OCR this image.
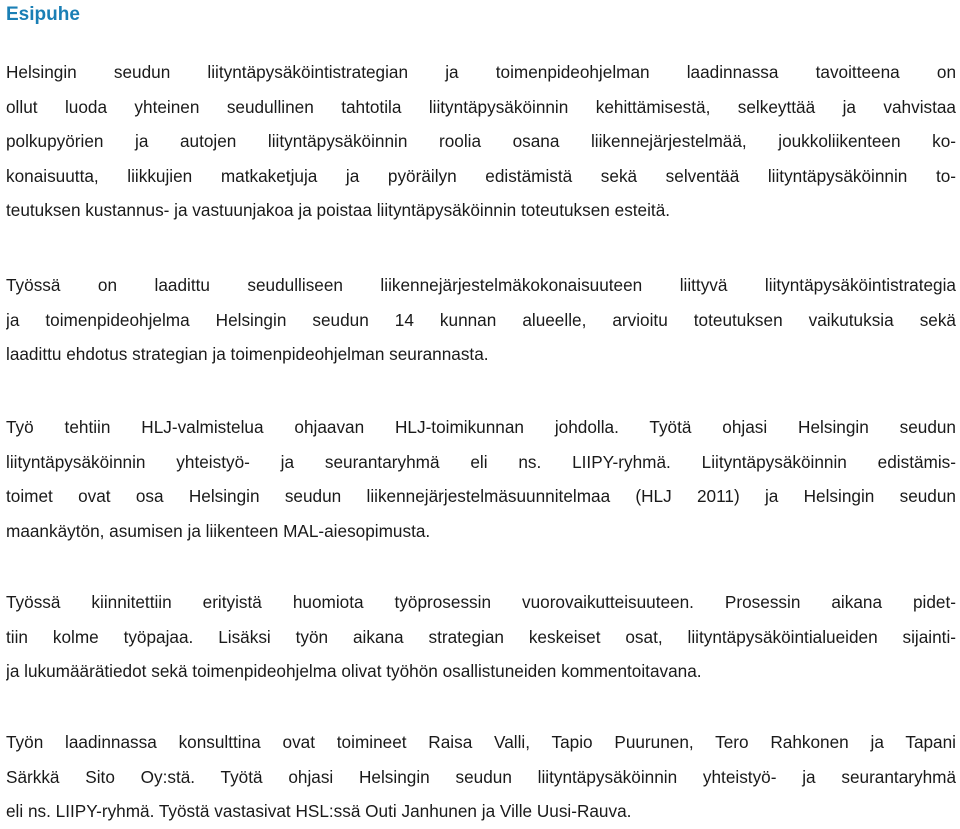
Esipuhe
Helsingin seudun liityntäpysäköintistrategian ja toimenpideohjelman laadinnassa tavoitteena on
ollut luoda yhteinen seudullinen tahtotila liityntäpysäköinnin kehittämisestä, selkeyttää ja vahvistaa
polkupyörien ja autojen liityntäpysäköinnin roolia osana liikennejärjestelmää, joukkoliikenteen ko-
konaisuutta, liikkujien matkaketjuja ja pyöräilyn edistämistä sekä selventää liityntäpysäköinnin to-
teutuksen kustannus- ja vastuunjakoa ja poistaa liityntäpysäköinnin toteutuksen esteitä.
Työssä on laadittu seudulliseen liikennejärjestelmäkokonaisuuteen liittyvä liityntäpysäköintistrategia
ja toimenpideohjelma Helsingin seudun 14 kunnan alueelle, arvioitu toteutuksen vaikutuksia sekä
laadittu ehdotus strategian ja toimenpideohjelman seurannasta.
Työ tehtiin HLJ-valmistelua ohjaavan HLJ-toimikunnan johdolla. Työtä ohjasi Helsingin seudun
liityntäpysäköinnin yhteistyö- ja seurantaryhmä eli ns. LIIPY-ryhmä. Liityntäpysäköinnin edistämis-
toimet ovat osa Helsingin seudun liikennejärjestelmäsuunnitelmaa (HLJ 2011) ja Helsingin seudun
maankäytön, asumisen ja liikenteen MAL-aiesopimusta.
Työssä kiinnitettiin erityistä huomiota työprosessin vuorovaikutteisuuteen. Prosessin aikana pidet-
tiin kolme työpajaa. Lisäksi työn aikana strategian keskeiset osat, liityntäpysäköintialueiden sijainti-
ja lukumäärätiedot sekä toimenpideohjelma olivat työhön osallistuneiden kommentoitavana.
Työn laadinnassa konsulttina ovat toimineet Raisa Valli, Tapio Puurunen, Tero Rahkonen ja Tapani
Särkkä Sito Oy:stä. Työtä ohjasi Helsingin seudun liityntäpysäköinnin yhteistyö- ja seurantaryhmä
eli ns. LIIPY-ryhmä. Työstä vastasivat HSL:ssä Outi Janhunen ja Ville Uusi-Rauva.
